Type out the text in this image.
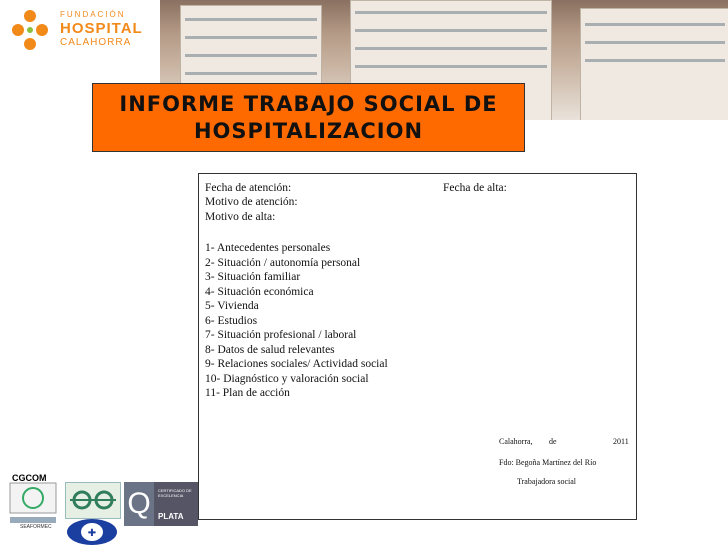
FUNDACIÓN
HOSPITAL
CALAHORRA
INFORME TRABAJO SOCIAL DE
HOSPITALIZACION
Fecha de atención:	Fecha de alta:
Motivo de atención:
Motivo de alta:
1- Antecedentes personales
2- Situación / autonomía personal
3- Situación familiar
4- Situación económica
5- Vivienda
6- Estudios
7- Situación profesional / laboral
8- Datos de salud relevantes
9- Relaciones sociales/ Actividad social
10- Diagnóstico y valoración social
11- Plan de acción
Calahorra, de	2011
Fdo: Begoña Martínez del Río
Trabajadora social
CGCOM
SEAFORMEC
Q	CERTIFICADO DE EXCELENCIA
PLATA
✚
